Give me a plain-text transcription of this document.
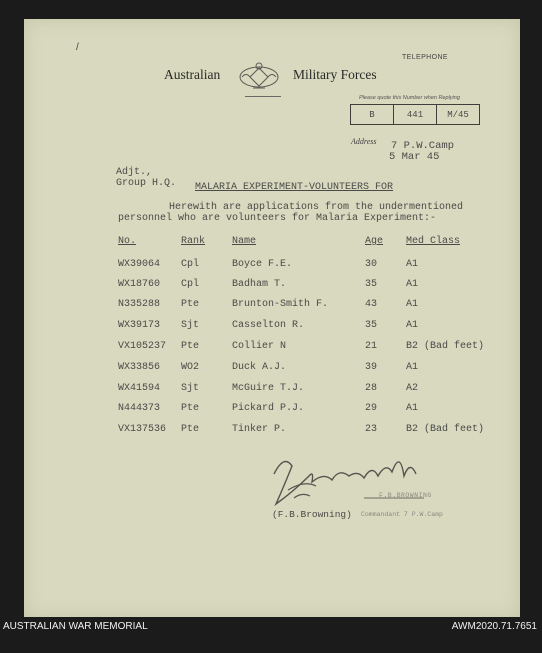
/
Australian	Military Forces
TELEPHONE
Please quote this Number when Replying
B	441	M/45
Address 7 P.W.Camp
5 Mar 45
Adjt.,
Group H.Q. MALARIA EXPERIMENT-VOLUNTEERS FOR
Herewith are applications from the undermentioned
personnel who are volunteers for Malaria Experiment:-
No.	Rank	Name	Age Med Class
WX39064 Cpl	Boyce F.E.	30	A1
WX18760 Cpl	Badham T.	35	A1
N335288 Pte	Brunton-Smith F.	43	A1
WX39173 Sjt	Casselton R.	35	A1
VX105237 Pte	Collier N	21	B2 (Bad feet)
WX33856 WO2	Duck A.J.	39	A1
WX41594 Sjt	McGuire T.J.	28	A2
N444373 Pte	Pickard P.J.	29	A1
VX137536 Pte	Tinker P.	23	B2 (Bad feet)
F.B.BROWNING
Commandant 7 P.W.Camp
(F.B.Browning)
AUSTRALIAN WAR MEMORIAL	AWM2020.71.7651
